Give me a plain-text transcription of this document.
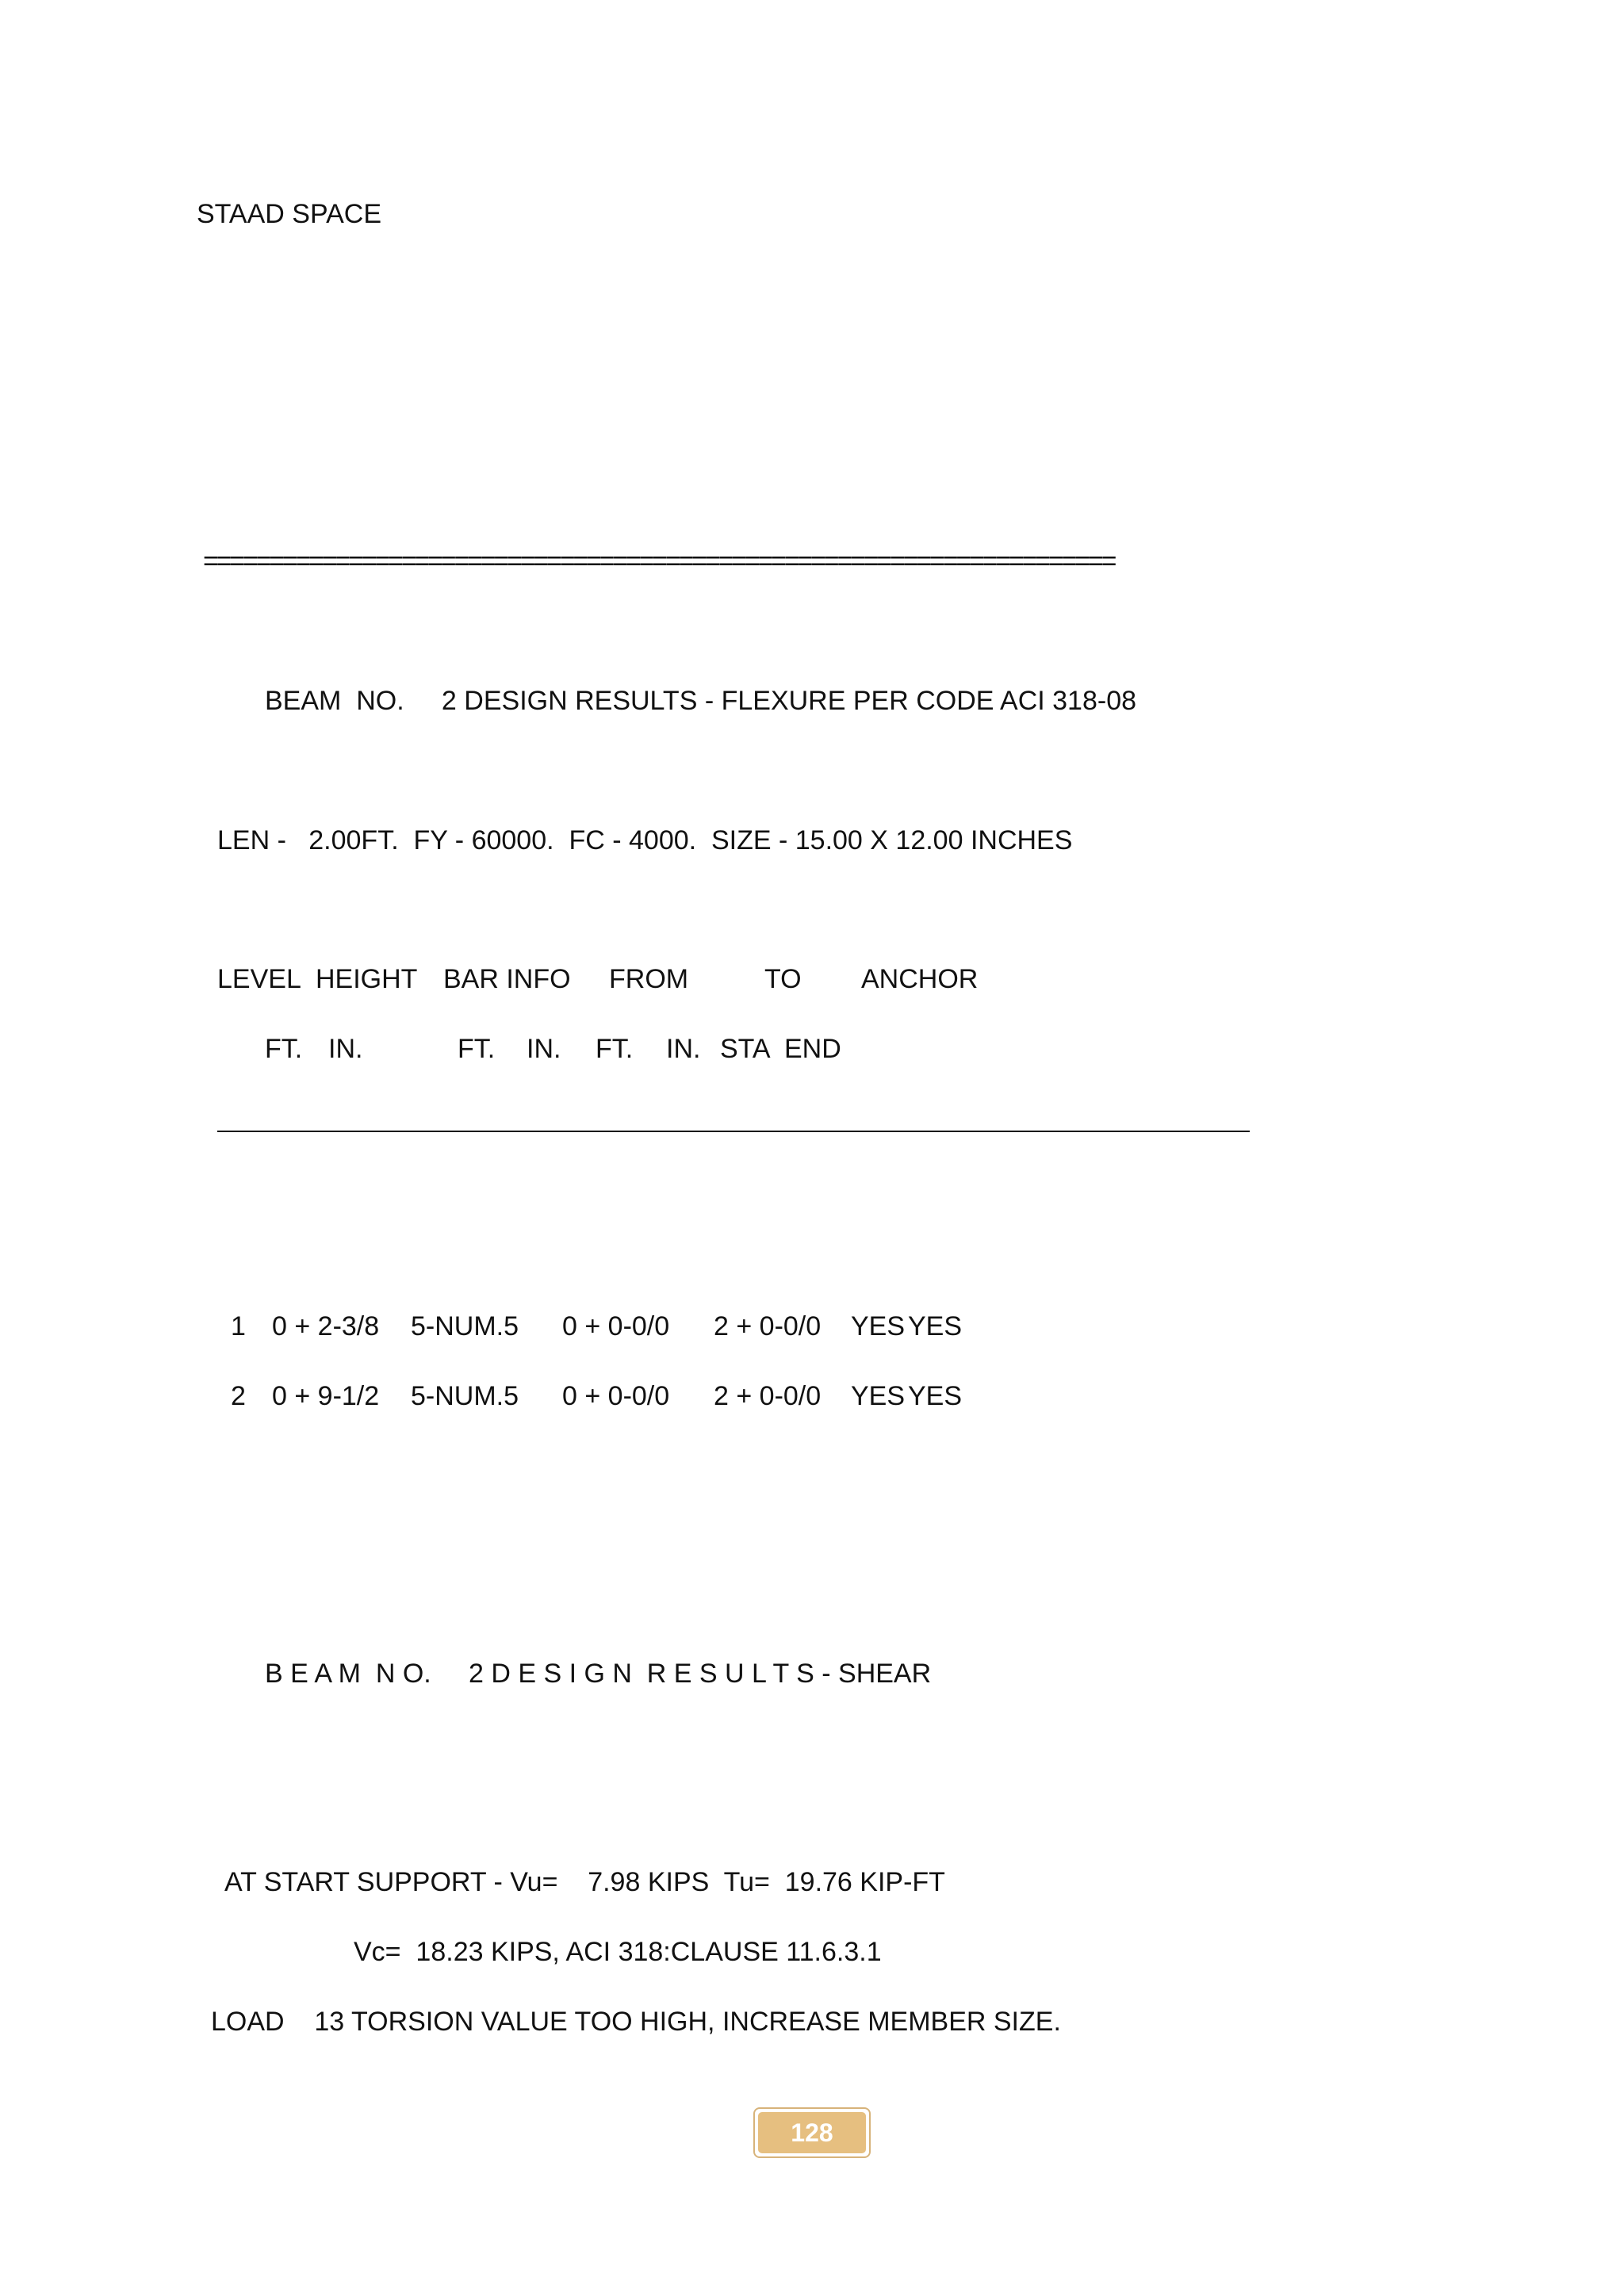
STAAD SPACE
=====================================================================
BEAM  NO.     2 DESIGN RESULTS - FLEXURE PER CODE ACI 318-08
LEN -   2.00FT.  FY - 60000.  FC - 4000.  SIZE - 15.00 X 12.00 INCHES
LEVEL HEIGHT BAR INFO FROM	TO ANCHOR
FT. IN.	FT. IN. FT. IN. STA END
1 0 + 2-3/8 5-NUM.5 0 + 0-0/0 2 + 0-0/0 YES YES
2 0 + 9-1/2 5-NUM.5 0 + 0-0/0 2 + 0-0/0 YES YES
B E A M  N O.     2 D E S I G N  R E S U L T S - SHEAR
AT START SUPPORT - Vu=    7.98 KIPS  Tu=  19.76 KIP-FT
Vc=  18.23 KIPS, ACI 318:CLAUSE 11.6.3.1
LOAD    13 TORSION VALUE TOO HIGH, INCREASE MEMBER SIZE.
128
